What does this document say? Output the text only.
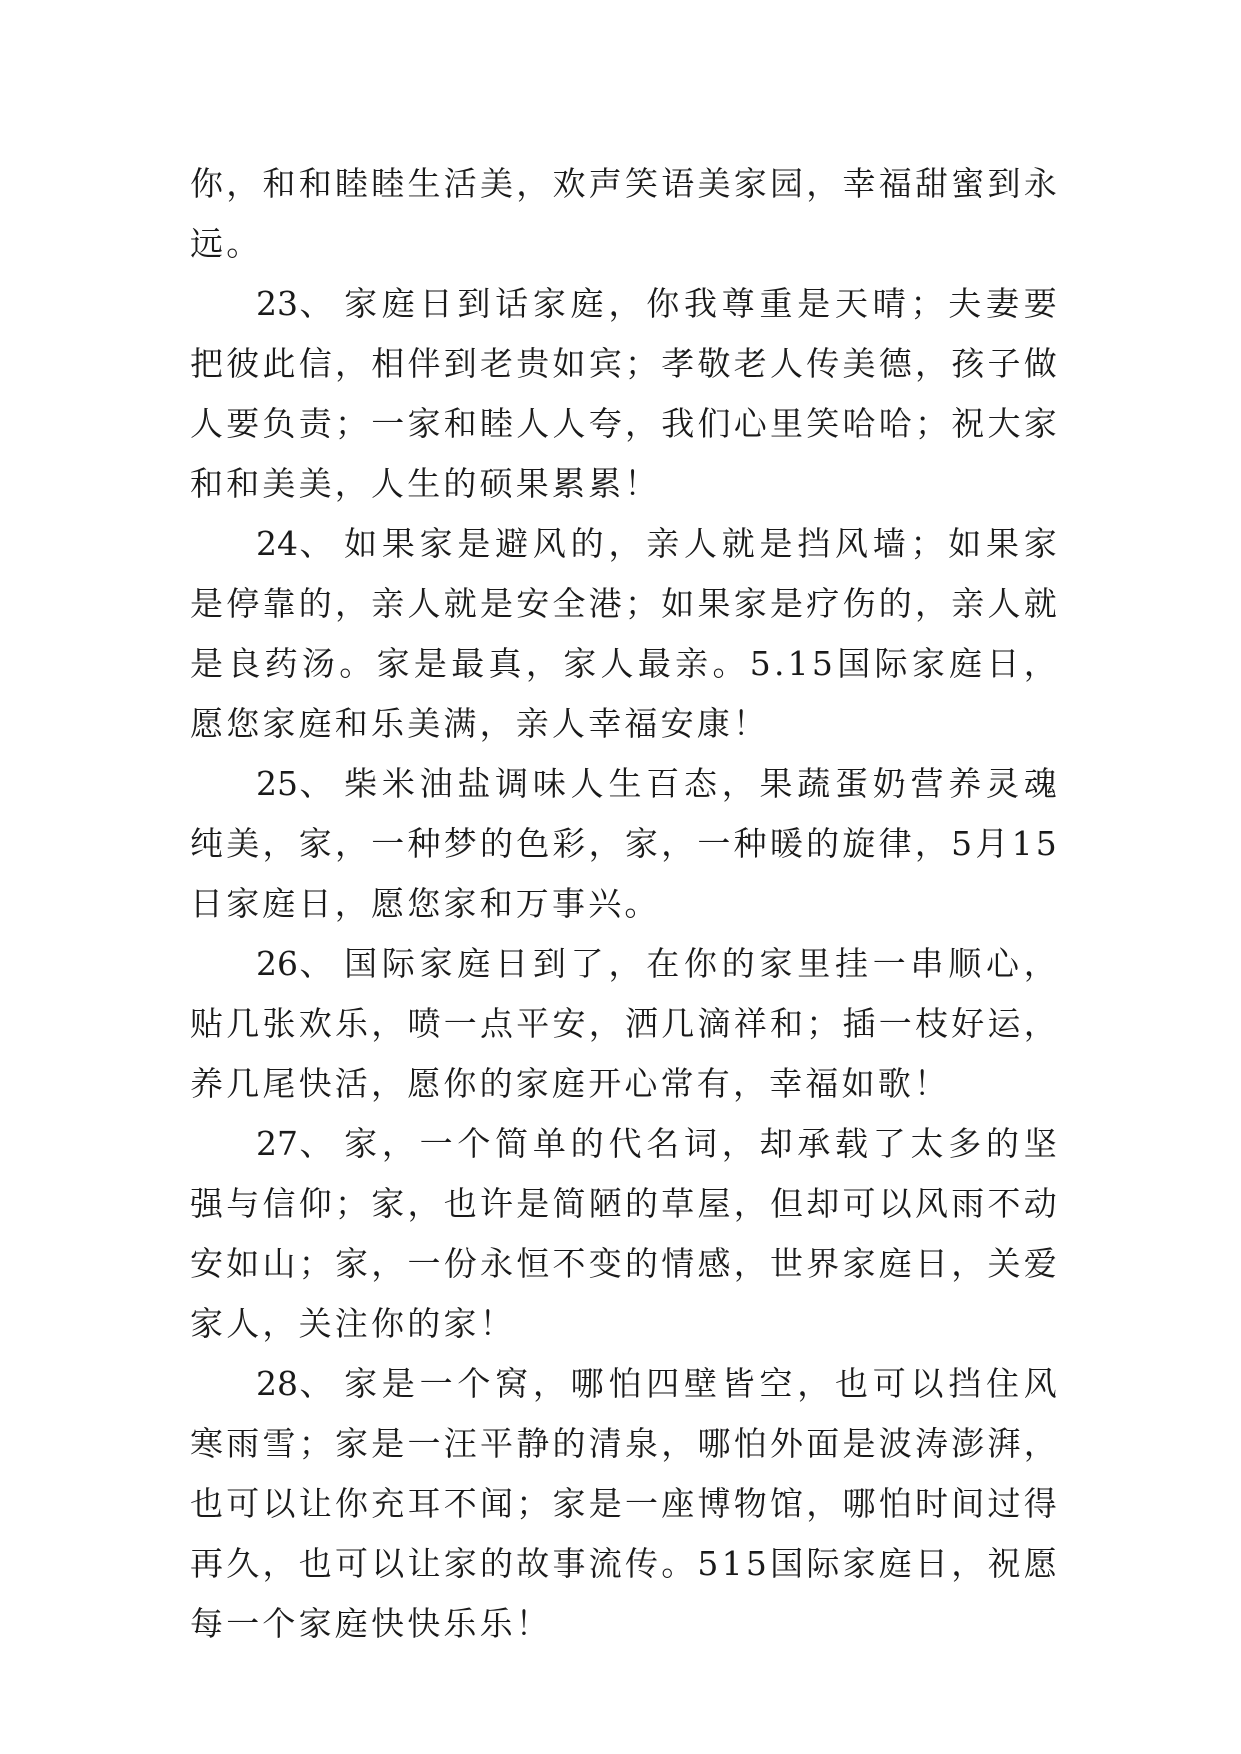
你，和和睦睦生活美，欢声笑语美家园，幸福甜蜜到永远。

23、 家庭日到话家庭，你我尊重是天晴；夫妻要把彼此信，相伴到老贵如宾；孝敬老人传美德，孩子做人要负责；一家和睦人人夸，我们心里笑哈哈；祝大家和和美美，人生的硕果累累！

24、 如果家是避风的，亲人就是挡风墙；如果家是停靠的，亲人就是安全港；如果家是疗伤的，亲人就是良药汤。家是最真，家人最亲。5.15国际家庭日，愿您家庭和乐美满，亲人幸福安康！

25、 柴米油盐调味人生百态，果蔬蛋奶营养灵魂纯美，家，一种梦的色彩，家，一种暖的旋律，5月15日家庭日，愿您家和万事兴。

26、 国际家庭日到了，在你的家里挂一串顺心，贴几张欢乐，喷一点平安，洒几滴祥和；插一枝好运，养几尾快活，愿你的家庭开心常有，幸福如歌！

27、 家，一个简单的代名词，却承载了太多的坚强与信仰；家，也许是简陋的草屋，但却可以风雨不动安如山；家，一份永恒不变的情感，世界家庭日，关爱家人，关注你的家！

28、 家是一个窝，哪怕四壁皆空，也可以挡住风寒雨雪；家是一汪平静的清泉，哪怕外面是波涛澎湃，也可以让你充耳不闻；家是一座博物馆，哪怕时间过得再久，也可以让家的故事流传。515国际家庭日，祝愿每一个家庭快快乐乐！
